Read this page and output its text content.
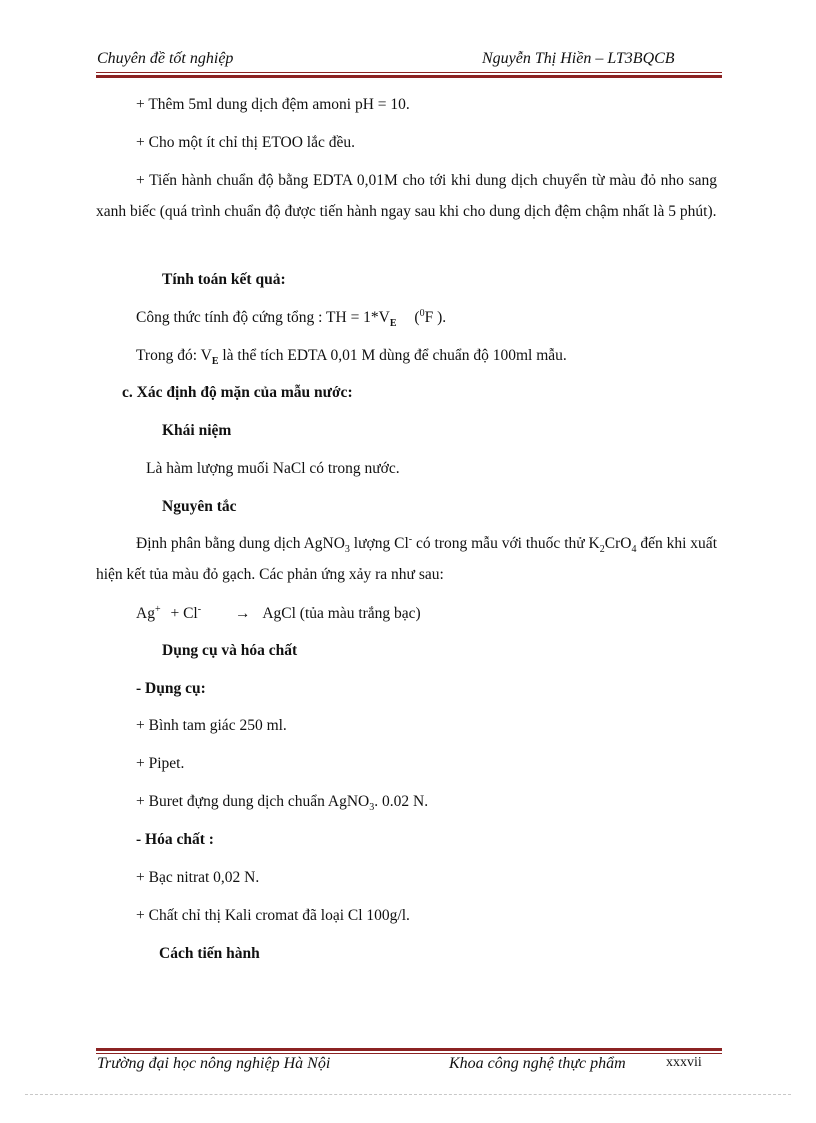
Chuyên đề tốt nghiệp	Nguyễn Thị Hiền – LT3BQCB
+ Thêm 5ml dung dịch đệm amoni pH = 10.
+ Cho một ít chỉ thị ETOO lắc đều.
+ Tiến hành chuẩn độ bằng EDTA 0,01M cho tới khi dung dịch chuyển từ màu đỏ nho sang xanh biếc (quá trình chuẩn độ được tiến hành ngay sau khi cho dung dịch đệm chậm nhất là 5 phút).
Tính toán kết quả:
Công thức tính độ cứng tổng : TH = $1*V_E$ ($^0$F ).
Trong đó: $V_E$ là thể tích EDTA 0,01 M dùng để chuẩn độ 100ml mẫu.
c. Xác định độ mặn của mẫu nước:
Khái niệm
Là hàm lượng muối NaCl có trong nước.
Nguyên tắc
Định phân bằng dung dịch AgNO$_3$ lượng Cl- có trong mẫu với thuốc thử $K_2CrO_4$ đến khi xuất hiện kết tủa màu đỏ gạch. Các phản ứng xảy ra như sau:
Ag+ + Cl- → AgCl (tủa màu trắng bạc)
Dụng cụ và hóa chất
- Dụng cụ:
+ Bình tam giác 250 ml.
+ Pipet.
+ Buret đựng dung dịch chuẩn AgNO$_3$. 0.02 N.
- Hóa chất :
+ Bạc nitrat 0,02 N.
+ Chất chỉ thị Kali cromat đã loại Cl 100g/l.
Cách tiến hành
Trường đại học nông nghiệp Hà Nội	Khoa công nghệ thực phẩm	xxxvii
